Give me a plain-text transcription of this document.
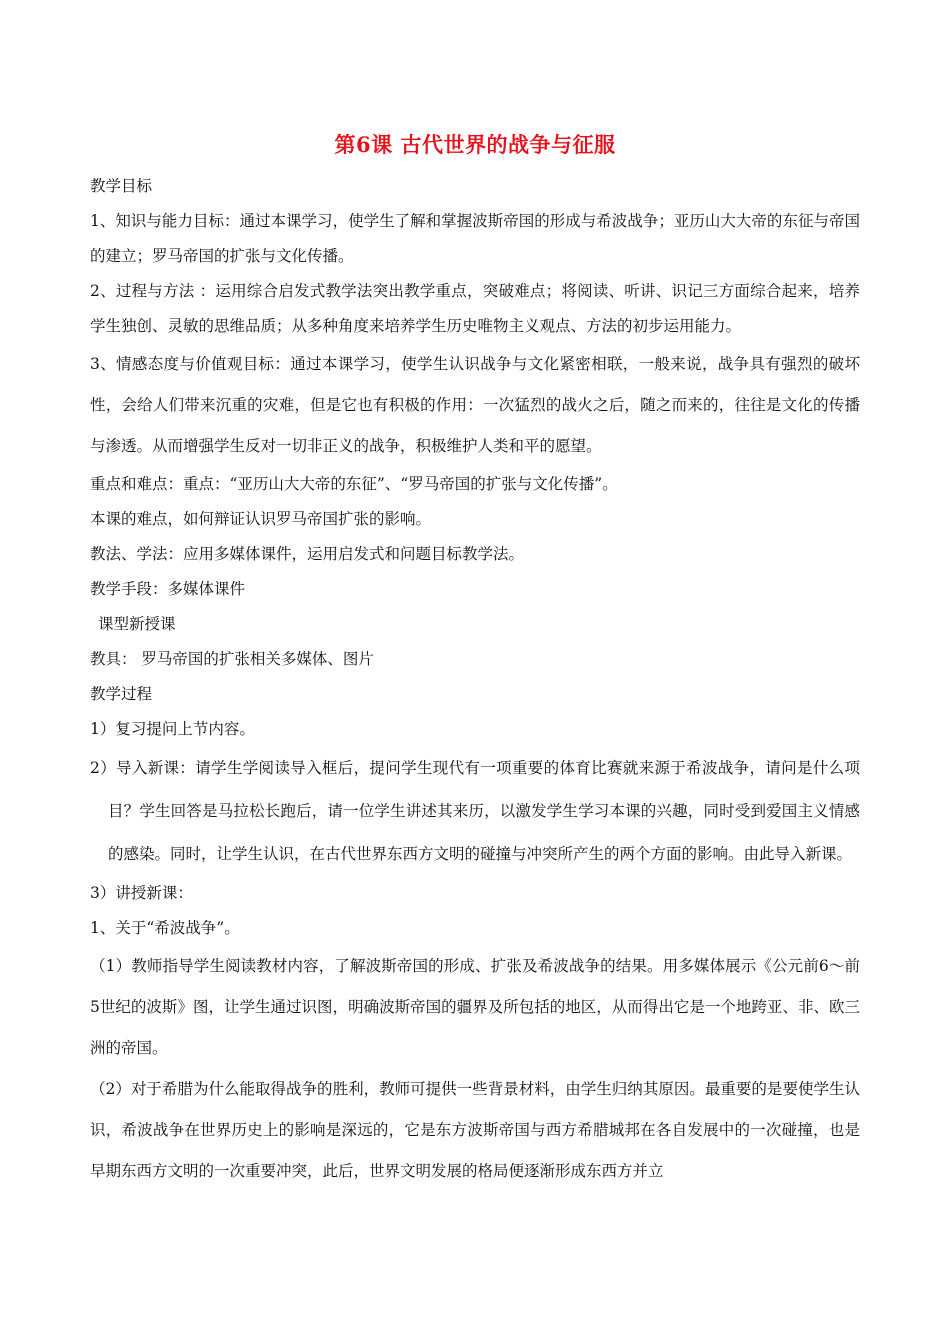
第6课 古代世界的战争与征服

教学目标

1、知识与能力目标：通过本课学习，使学生了解和掌握波斯帝国的形成与希波战争；亚历山大大帝的东征与帝国的建立；罗马帝国的扩张与文化传播。

2、过程与方法 ：运用综合启发式教学法突出教学重点，突破难点；将阅读、听讲、识记三方面综合起来，培养学生独创、灵敏的思维品质；从多种角度来培养学生历史唯物主义观点、方法的初步运用能力。

3、情感态度与价值观目标：通过本课学习，使学生认识战争与文化紧密相联，一般来说，战争具有强烈的破坏性，会给人们带来沉重的灾难，但是它也有积极的作用：一次猛烈的战火之后，随之而来的，往往是文化的传播与渗透。从而增强学生反对一切非正义的战争，积极维护人类和平的愿望。

重点和难点：重点：“亚历山大大帝的东征”、“罗马帝国的扩张与文化传播”。

本课的难点，如何辩证认识罗马帝国扩张的影响。

教法、学法：应用多媒体课件，运用启发式和问题目标教学法。

教学手段：多媒体课件

课型新授课

教具： 罗马帝国的扩张相关多媒体、图片

教学过程

1）复习提问上节内容。

2）导入新课：请学生学阅读导入框后，提问学生现代有一项重要的体育比赛就来源于希波战争，请问是什么项目？学生回答是马拉松长跑后，请一位学生讲述其来历，以激发学生学习本课的兴趣，同时受到爱国主义情感的感染。同时，让学生认识，在古代世界东西方文明的碰撞与冲突所产生的两个方面的影响。由此导入新课。

3）讲授新课：

1、关于“希波战争”。

（1）教师指导学生阅读教材内容，了解波斯帝国的形成、扩张及希波战争的结果。用多媒体展示《公元前6～前5世纪的波斯》图，让学生通过识图，明确波斯帝国的疆界及所包括的地区，从而得出它是一个地跨亚、非、欧三洲的帝国。

（2）对于希腊为什么能取得战争的胜利，教师可提供一些背景材料，由学生归纳其原因。最重要的是要使学生认识，希波战争在世界历史上的影响是深远的，它是东方波斯帝国与西方希腊城邦在各自发展中的一次碰撞，也是早期东西方文明的一次重要冲突，此后，世界文明发展的格局便逐渐形成东西方并立
